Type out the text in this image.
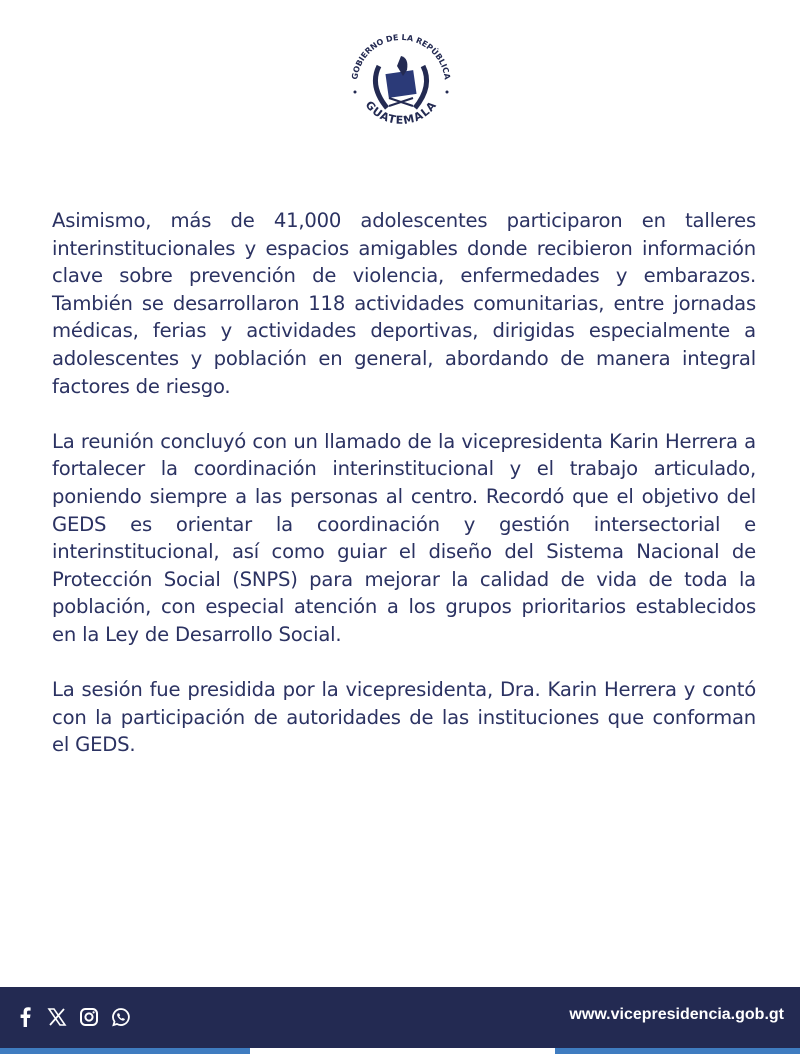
GOBIERNO DE LA REPÚBLICA
GUATEMALA

Asimismo, más de 41,000 adolescentes participaron en talleres interinstitucionales y espacios amigables donde recibieron información clave sobre prevención de violencia, enfermedades y embarazos. También se desarrollaron 118 actividades comunitarias, entre jornadas médicas, ferias y actividades deportivas, dirigidas especialmente a adolescentes y población en general, abordando de manera integral factores de riesgo.

La reunión concluyó con un llamado de la vicepresidenta Karin Herrera a fortalecer la coordinación interinstitucional y el trabajo articulado, poniendo siempre a las personas al centro. Recordó que el objetivo del GEDS es orientar la coordinación y gestión intersectorial e interinstitucional, así como guiar el diseño del Sistema Nacional de Protección Social (SNPS) para mejorar la calidad de vida de toda la población, con especial atención a los grupos prioritarios establecidos en la Ley de Desarrollo Social.

La sesión fue presidida por la vicepresidenta, Dra. Karin Herrera y contó con la participación de autoridades de las instituciones que conforman el GEDS.

www.vicepresidencia.gob.gt
